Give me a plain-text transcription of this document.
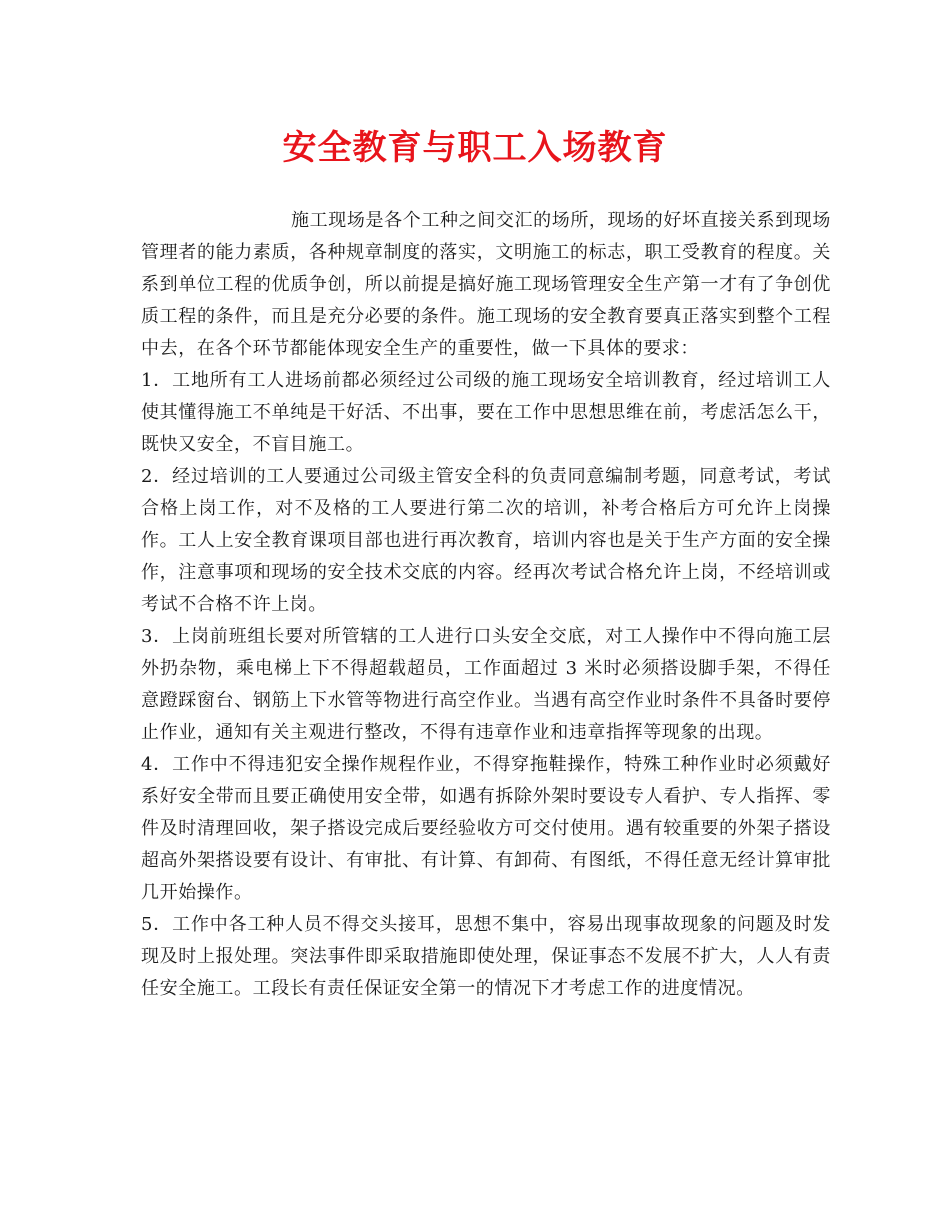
安全教育与职工入场教育

施工现场是各个工种之间交汇的场所，现场的好坏直接关系到现场管理者的能力素质，各种规章制度的落实，文明施工的标志，职工受教育的程度。关系到单位工程的优质争创，所以前提是搞好施工现场管理安全生产第一才有了争创优质工程的条件，而且是充分必要的条件。施工现场的安全教育要真正落实到整个工程中去，在各个环节都能体现安全生产的重要性，做一下具体的要求：

1．工地所有工人进场前都必须经过公司级的施工现场安全培训教育，经过培训工人使其懂得施工不单纯是干好活、不出事，要在工作中思想思维在前，考虑活怎么干，既快又安全，不盲目施工。

2．经过培训的工人要通过公司级主管安全科的负责同意编制考题，同意考试，考试合格上岗工作，对不及格的工人要进行第二次的培训，补考合格后方可允许上岗操作。工人上安全教育课项目部也进行再次教育，培训内容也是关于生产方面的安全操作，注意事项和现场的安全技术交底的内容。经再次考试合格允许上岗，不经培训或考试不合格不许上岗。

3．上岗前班组长要对所管辖的工人进行口头安全交底，对工人操作中不得向施工层外扔杂物，乘电梯上下不得超载超员，工作面超过 3 米时必须搭设脚手架，不得任意蹬踩窗台、钢筋上下水管等物进行高空作业。当遇有高空作业时条件不具备时要停止作业，通知有关主观进行整改，不得有违章作业和违章指挥等现象的出现。

4．工作中不得违犯安全操作规程作业，不得穿拖鞋操作，特殊工种作业时必须戴好系好安全带而且要正确使用安全带，如遇有拆除外架时要设专人看护、专人指挥、零件及时清理回收，架子搭设完成后要经验收方可交付使用。遇有较重要的外架子搭设超高外架搭设要有设计、有审批、有计算、有卸荷、有图纸，不得任意无经计算审批几开始操作。

5．工作中各工种人员不得交头接耳，思想不集中，容易出现事故现象的问题及时发现及时上报处理。突法事件即采取措施即使处理，保证事态不发展不扩大，人人有责任安全施工。工段长有责任保证安全第一的情况下才考虑工作的进度情况。
